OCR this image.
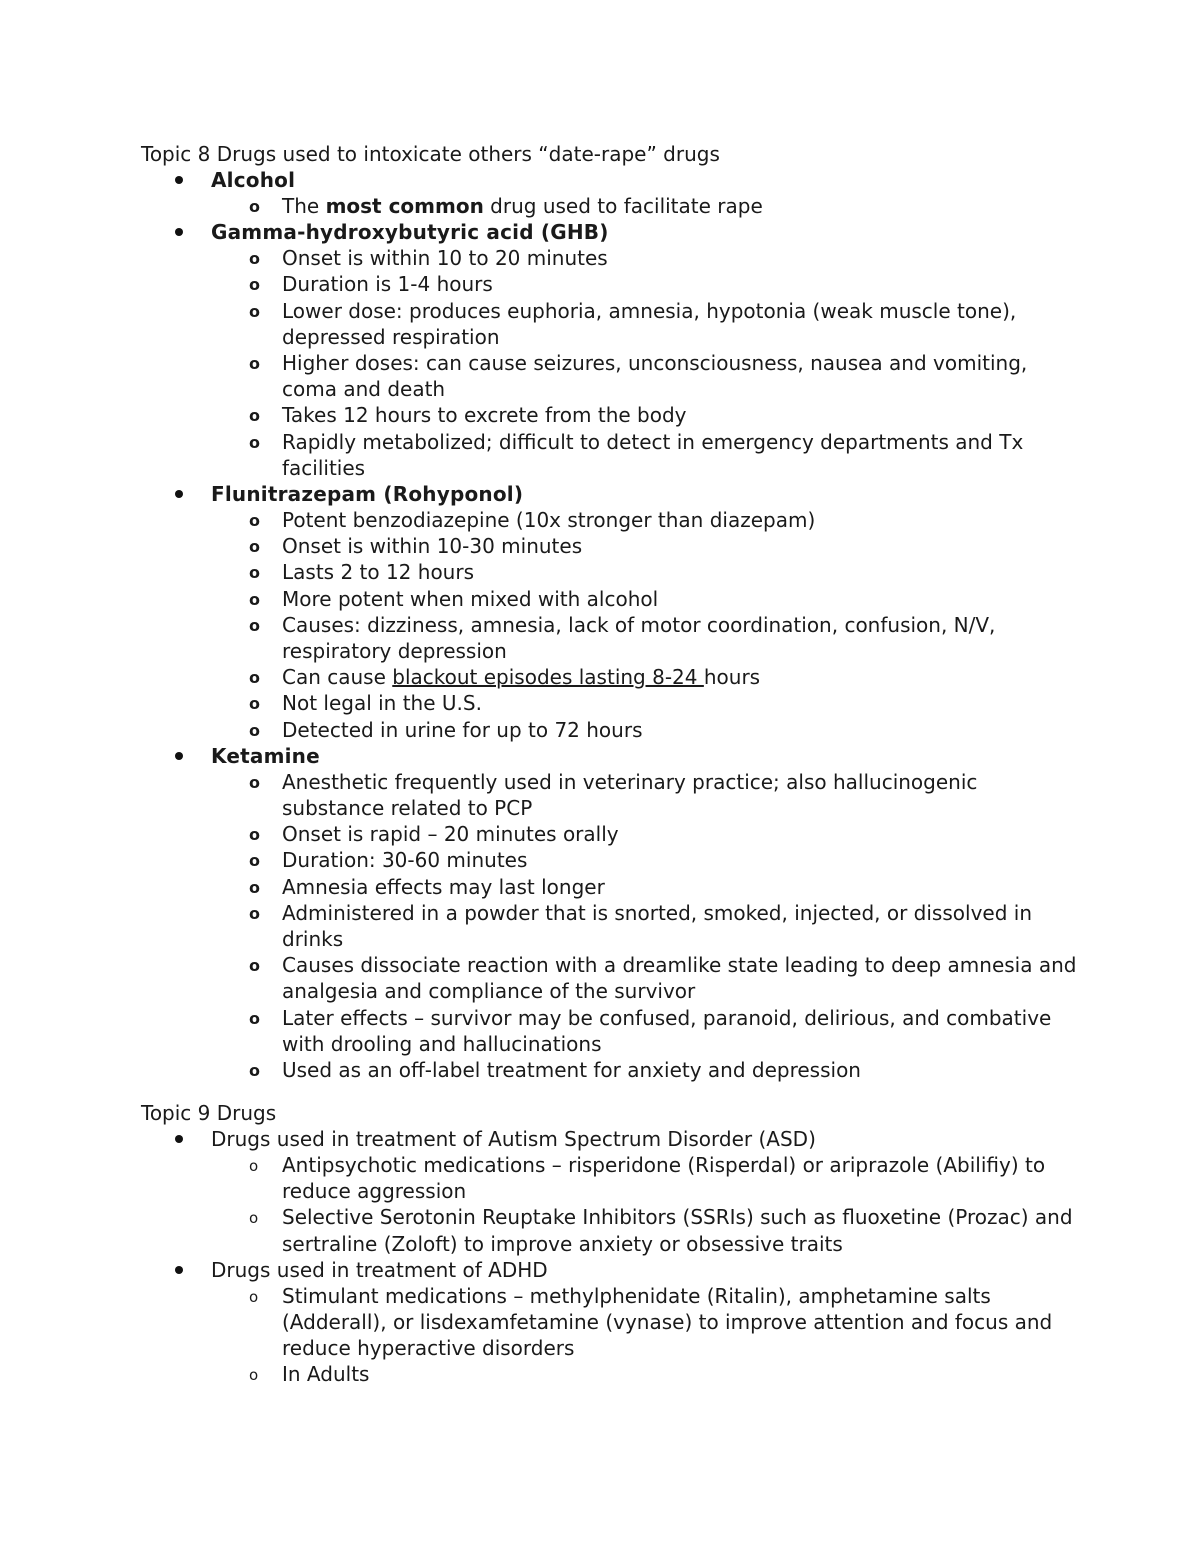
Topic 8 Drugs used to intoxicate others “date-rape” drugs
Alcohol
o The most common drug used to facilitate rape
Gamma-hydroxybutyric acid (GHB)
o Onset is within 10 to 20 minutes
o Duration is 1-4 hours
o Lower dose: produces euphoria, amnesia, hypotonia (weak muscle tone), depressed respiration
o Higher doses: can cause seizures, unconsciousness, nausea and vomiting, coma and death
o Takes 12 hours to excrete from the body
o Rapidly metabolized; difficult to detect in emergency departments and Tx facilities
Flunitrazepam (Rohyponol)
o Potent benzodiazepine (10x stronger than diazepam)
o Onset is within 10-30 minutes
o Lasts 2 to 12 hours
o More potent when mixed with alcohol
o Causes: dizziness, amnesia, lack of motor coordination, confusion, N/V, respiratory depression
o Can cause blackout episodes lasting 8-24 hours
o Not legal in the U.S.
o Detected in urine for up to 72 hours
Ketamine
o Anesthetic frequently used in veterinary practice; also hallucinogenic substance related to PCP
o Onset is rapid – 20 minutes orally
o Duration: 30-60 minutes
o Amnesia effects may last longer
o Administered in a powder that is snorted, smoked, injected, or dissolved in drinks
o Causes dissociate reaction with a dreamlike state leading to deep amnesia and analgesia and compliance of the survivor
o Later effects – survivor may be confused, paranoid, delirious, and combative with drooling and hallucinations
o Used as an off-label treatment for anxiety and depression
Topic 9 Drugs
Drugs used in treatment of Autism Spectrum Disorder (ASD)
o Antipsychotic medications – risperidone (Risperdal) or ariprazole (Abilifiy) to reduce aggression
o Selective Serotonin Reuptake Inhibitors (SSRIs) such as fluoxetine (Prozac) and sertraline (Zoloft) to improve anxiety or obsessive traits
Drugs used in treatment of ADHD
o Stimulant medications – methylphenidate (Ritalin), amphetamine salts (Adderall), or lisdexamfetamine (vynase) to improve attention and focus and reduce hyperactive disorders
o In Adults
